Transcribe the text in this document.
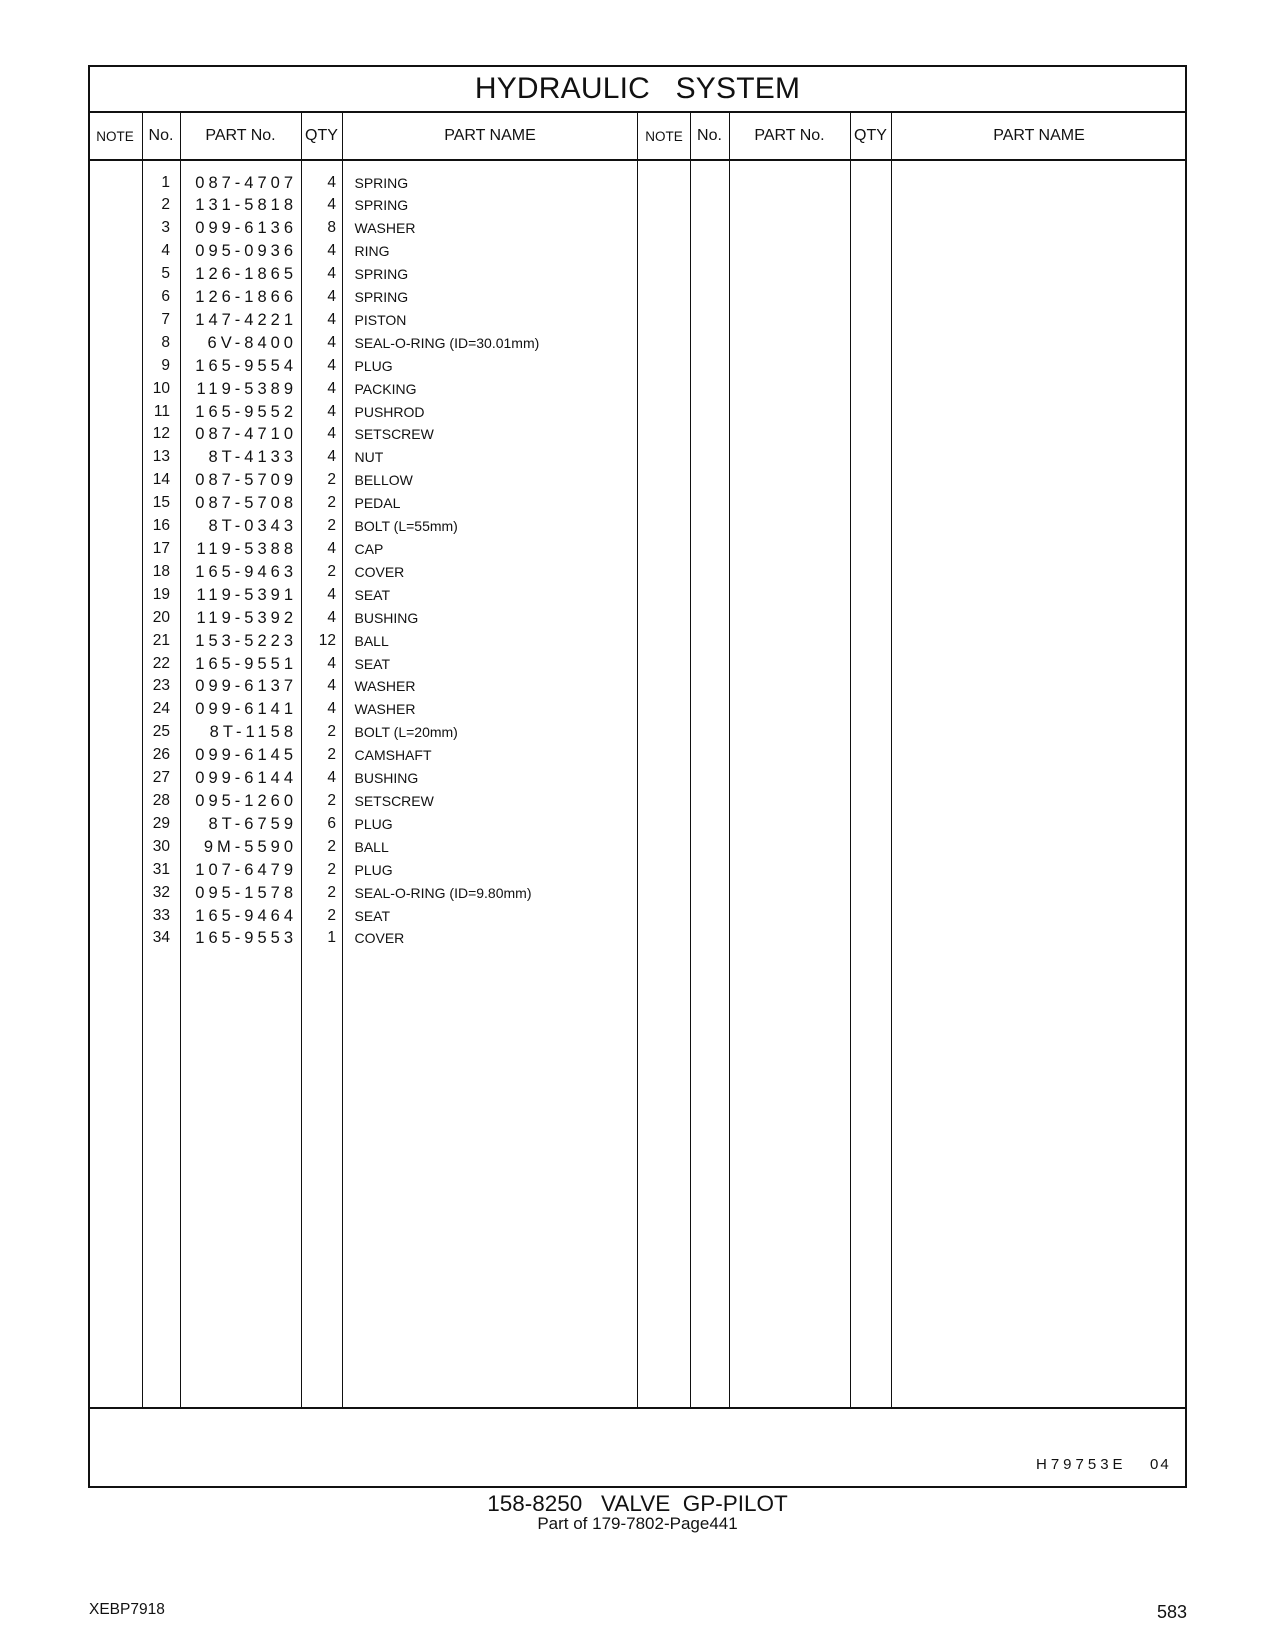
HYDRAULIC   SYSTEM
NOTE No.	PART No.	QTY	PART NAME	NOTE No.	PART No.	QTY	PART NAME
1	087-4707	4	SPRING
2	131-5818	4	SPRING
3	099-6136	8	WASHER
4	095-0936	4	RING
5	126-1865	4	SPRING
6	126-1866	4	SPRING
7	147-4221	4	PISTON
8	6V-8400	4	SEAL-O-RING (ID=30.01mm)
9	165-9554	4	PLUG
10	119-5389	4	PACKING
11	165-9552	4	PUSHROD
12	087-4710	4	SETSCREW
13	8T-4133	4	NUT
14	087-5709	2	BELLOW
15	087-5708	2	PEDAL
16	8T-0343	2	BOLT (L=55mm)
17	119-5388	4	CAP
18	165-9463	2	COVER
19	119-5391	4	SEAT
20	119-5392	4	BUSHING
21	153-5223	12	BALL
22	165-9551	4	SEAT
23	099-6137	4	WASHER
24	099-6141	4	WASHER
25	8T-1158	2	BOLT (L=20mm)
26	099-6145	2	CAMSHAFT
27	099-6144	4	BUSHING
28	095-1260	2	SETSCREW
29	8T-6759	6	PLUG
30	9M-5590	2	BALL
31	107-6479	2	PLUG
32	095-1578	2	SEAL-O-RING (ID=9.80mm)
33	165-9464	2	SEAT
34	165-9553	1	COVER
H79753E 04
158-8250   VALVE  GP-PILOT
Part of 179-7802-Page441
XEBP7918	583
